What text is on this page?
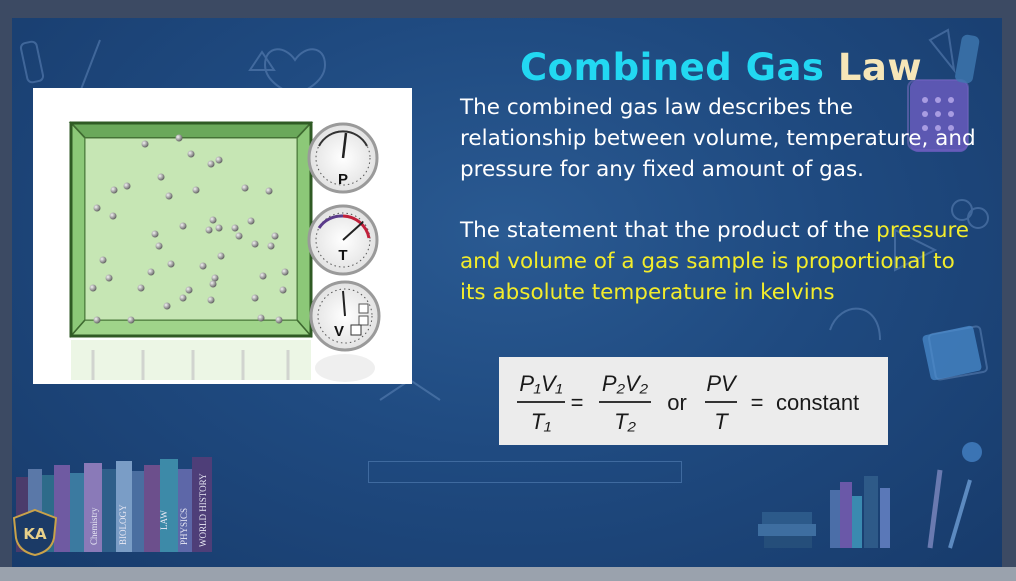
Combined Gas Law
The combined gas law describes the relationship between volume, temperature, and pressure for any fixed amount of gas.
The statement that the product of the pressure and volume of a gas sample is proportional to its absolute temperature in kelvins
P₁V₁
T₁
=
P₂V₂
T₂
or
PV
T
= constant
P
T
V
LAW	WORLD HISTORY
PHYSICS
Chemistry BIOLOGY
KA
